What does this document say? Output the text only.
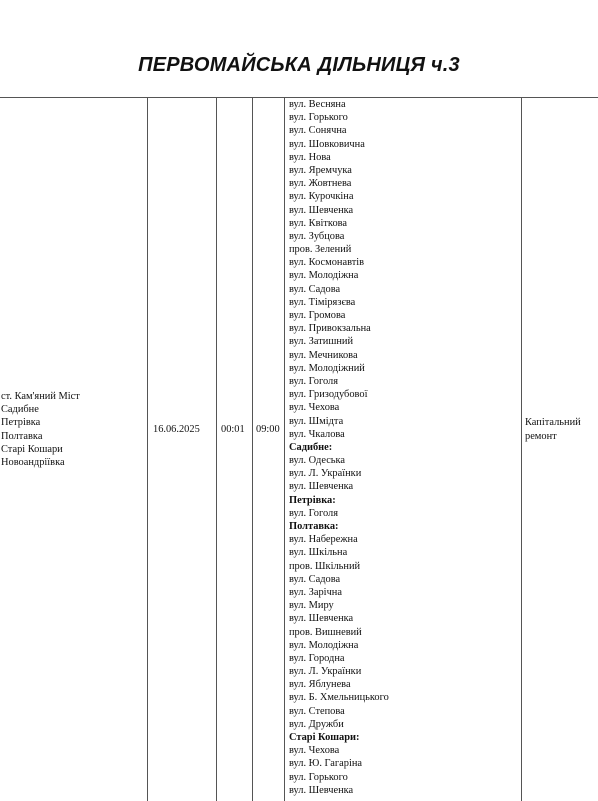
ПЕРВОМАЙСЬКА ДІЛЬНИЦЯ ч.3
ст. Кам'яний Міст
Садибне
Петрівка
Полтавка
Старі Кошари
Новоандріївка
16.06.2025 00:01 09:00
вул. Весняна
вул. Горького
вул. Сонячна
вул. Шовковична
вул. Нова
вул. Яремчука
вул. Жовтнева
вул. Курочкіна
вул. Шевченка
вул. Квіткова
вул. Зубцова
пров. Зелений
вул. Космонавтів
вул. Молодіжна
вул. Садова
вул. Тімірязєва
вул. Громова
вул. Привокзальна
вул. Затишний
вул. Мечникова
вул. Молодіжний
вул. Гоголя
вул. Гризодубової
вул. Чехова
вул. Шмідта
вул. Чкалова
Садибне:
вул. Одеська
вул. Л. Українки
вул. Шевченка
Петрівка:
вул. Гоголя
Полтавка:
вул. Набережна
вул. Шкільна
пров. Шкільний
вул. Садова
вул. Зарічна
вул. Миру
вул. Шевченка
пров. Вишневий
вул. Молодіжна
вул. Городна
вул. Л. Українки
вул. Яблунева
вул. Б. Хмельницького
вул. Степова
вул. Дружби
Старі Кошари:
вул. Чехова
вул. Ю. Гагаріна
вул. Горького
вул. Шевченка
Капітальний
ремонт
